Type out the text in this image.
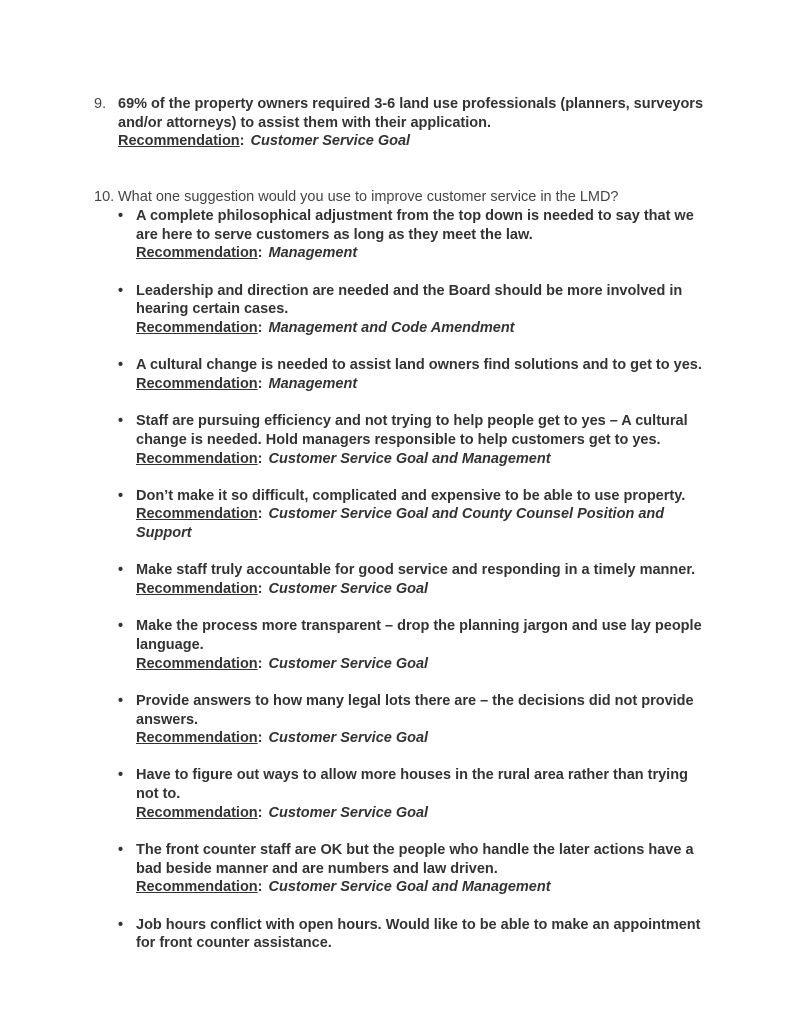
9. 69% of the property owners required 3-6 land use professionals (planners, surveyors and/or attorneys) to assist them with their application.
Recommendation: Customer Service Goal
10. What one suggestion would you use to improve customer service in the LMD?
• A complete philosophical adjustment from the top down is needed to say that we are here to serve customers as long as they meet the law.
Recommendation: Management
• Leadership and direction are needed and the Board should be more involved in hearing certain cases.
Recommendation: Management and Code Amendment
• A cultural change is needed to assist land owners find solutions and to get to yes.
Recommendation: Management
• Staff are pursuing efficiency and not trying to help people get to yes – A cultural change is needed. Hold managers responsible to help customers get to yes.
Recommendation: Customer Service Goal and Management
• Don’t make it so difficult, complicated and expensive to be able to use property.
Recommendation: Customer Service Goal and County Counsel Position and Support
• Make staff truly accountable for good service and responding in a timely manner.
Recommendation: Customer Service Goal
• Make the process more transparent – drop the planning jargon and use lay people language.
Recommendation: Customer Service Goal
• Provide answers to how many legal lots there are – the decisions did not provide answers.
Recommendation: Customer Service Goal
• Have to figure out ways to allow more houses in the rural area rather than trying not to.
Recommendation: Customer Service Goal
• The front counter staff are OK but the people who handle the later actions have a bad beside manner and are numbers and law driven.
Recommendation: Customer Service Goal and Management
• Job hours conflict with open hours. Would like to be able to make an appointment for front counter assistance.
